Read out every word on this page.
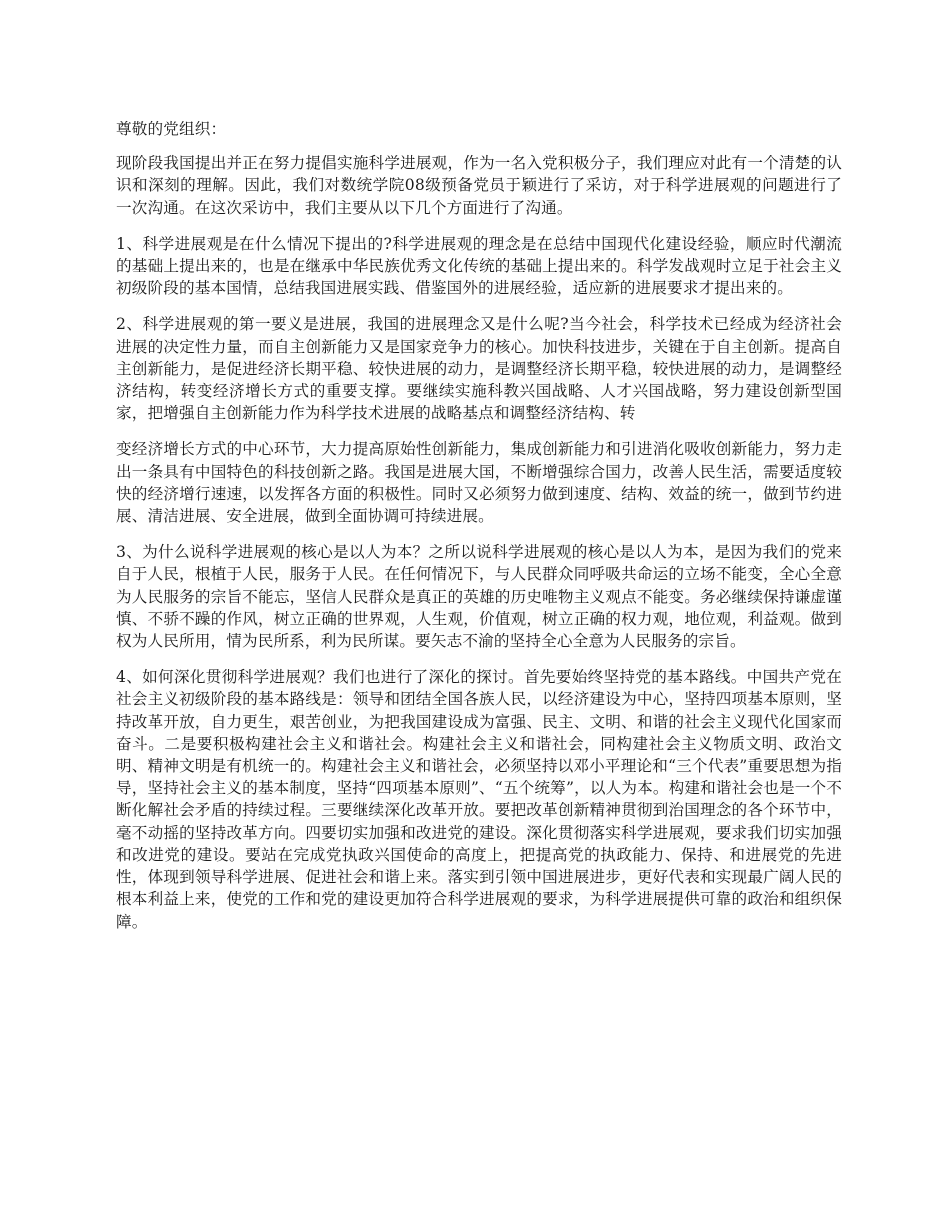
尊敬的党组织：

现阶段我国提出并正在努力提倡实施科学进展观，作为一名入党积极分子，我们理应对此有一个清楚的认识和深刻的理解。因此，我们对数统学院08级预备党员于颖进行了采访，对于科学进展观的问题进行了一次沟通。在这次采访中，我们主要从以下几个方面进行了沟通。

1、科学进展观是在什么情况下提出的?科学进展观的理念是在总结中国现代化建设经验，顺应时代潮流的基础上提出来的，也是在继承中华民族优秀文化传统的基础上提出来的。科学发战观时立足于社会主义初级阶段的基本国情，总结我国进展实践、借鉴国外的进展经验，适应新的进展要求才提出来的。

2、科学进展观的第一要义是进展，我国的进展理念又是什么呢?当今社会，科学技术已经成为经济社会进展的决定性力量，而自主创新能力又是国家竞争力的核心。加快科技进步，关键在于自主创新。提高自主创新能力，是促进经济长期平稳、较快进展的动力，是调整经济长期平稳，较快进展的动力，是调整经济结构，转变经济增长方式的重要支撑。要继续实施科教兴国战略、人才兴国战略，努力建设创新型国家，把增强自主创新能力作为科学技术进展的战略基点和调整经济结构、转

变经济增长方式的中心环节，大力提高原始性创新能力，集成创新能力和引进消化吸收创新能力，努力走出一条具有中国特色的科技创新之路。我国是进展大国，不断增强综合国力，改善人民生活，需要适度较快的经济增行速速，以发挥各方面的积极性。同时又必须努力做到速度、结构、效益的统一，做到节约进展、清洁进展、安全进展，做到全面协调可持续进展。

3、为什么说科学进展观的核心是以人为本？之所以说科学进展观的核心是以人为本，是因为我们的党来自于人民，根植于人民，服务于人民。在任何情况下，与人民群众同呼吸共命运的立场不能变，全心全意为人民服务的宗旨不能忘，坚信人民群众是真正的英雄的历史唯物主义观点不能变。务必继续保持谦虚谨慎、不骄不躁的作风，树立正确的世界观，人生观，价值观，树立正确的权力观，地位观，利益观。做到权为人民所用，情为民所系，利为民所谋。要矢志不渝的坚持全心全意为人民服务的宗旨。

4、如何深化贯彻科学进展观？我们也进行了深化的探讨。首先要始终坚持党的基本路线。中国共产党在社会主义初级阶段的基本路线是：领导和团结全国各族人民，以经济建设为中心，坚持四项基本原则，坚持改革开放，自力更生，艰苦创业，为把我国建设成为富强、民主、文明、和谐的社会主义现代化国家而奋斗。二是要积极构建社会主义和谐社会。构建社会主义和谐社会，同构建社会主义物质文明、政治文明、精神文明是有机统一的。构建社会主义和谐社会，必须坚持以邓小平理论和“三个代表”重要思想为指导，坚持社会主义的基本制度，坚持“四项基本原则”、“五个统筹”，以人为本。构建和谐社会也是一个不断化解社会矛盾的持续过程。三要继续深化改革开放。要把改革创新精神贯彻到治国理念的各个环节中，毫不动摇的坚持改革方向。四要切实加强和改进党的建设。深化贯彻落实科学进展观，要求我们切实加强和改进党的建设。要站在完成党执政兴国使命的高度上，把提高党的执政能力、保持、和进展党的先进性，体现到领导科学进展、促进社会和谐上来。落实到引领中国进展进步，更好代表和实现最广阔人民的根本利益上来，使党的工作和党的建设更加符合科学进展观的要求，为科学进展提供可靠的政治和组织保障。
